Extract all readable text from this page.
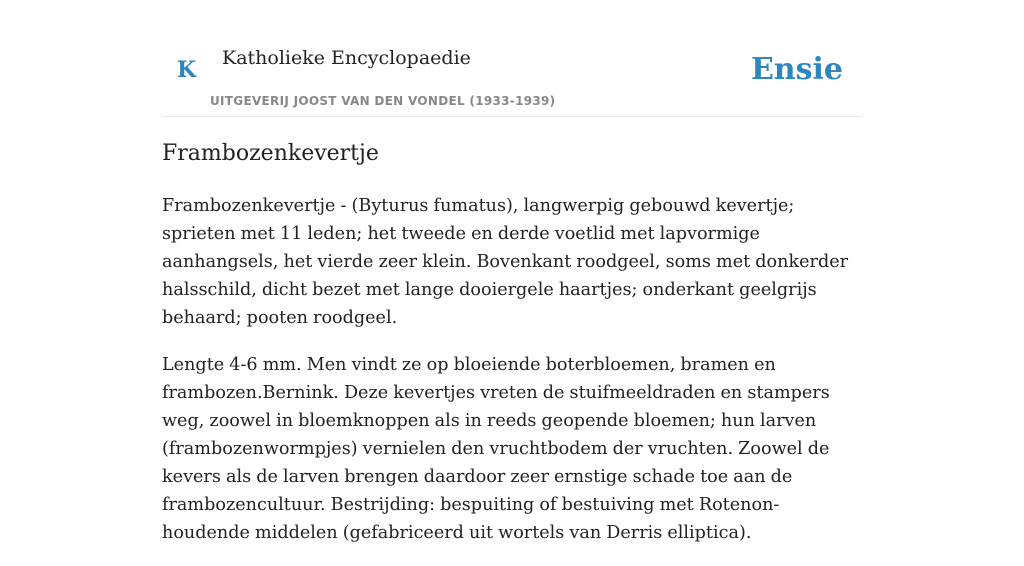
K Katholieke Encyclopaedie
UITGEVERIJ JOOST VAN DEN VONDEL (1933-1939)
Ensie
Frambozenkevertje

Frambozenkevertje - (Byturus fumatus), langwerpig gebouwd kevertje; sprieten met 11 leden; het tweede en derde voetlid met lapvormige aanhangsels, het vierde zeer klein. Bovenkant roodgeel, soms met donkerder halsschild, dicht bezet met lange dooiergele haartjes; onderkant geelgrijs behaard; pooten roodgeel.

Lengte 4-6 mm. Men vindt ze op bloeiende boterbloemen, bramen en frambozen.Bernink. Deze kevertjes vreten de stuifmeeldraden en stampers weg, zoowel in bloemknoppen als in reeds geopende bloemen; hun larven (frambozenwormpjes) vernielen den vruchtbodem der vruchten. Zoowel de kevers als de larven brengen daardoor zeer ernstige schade toe aan de frambozencultuur. Bestrijding: bespuiting of bestuiving met Rotenon-houdende middelen (gefabriceerd uit wortels van Derris elliptica).
